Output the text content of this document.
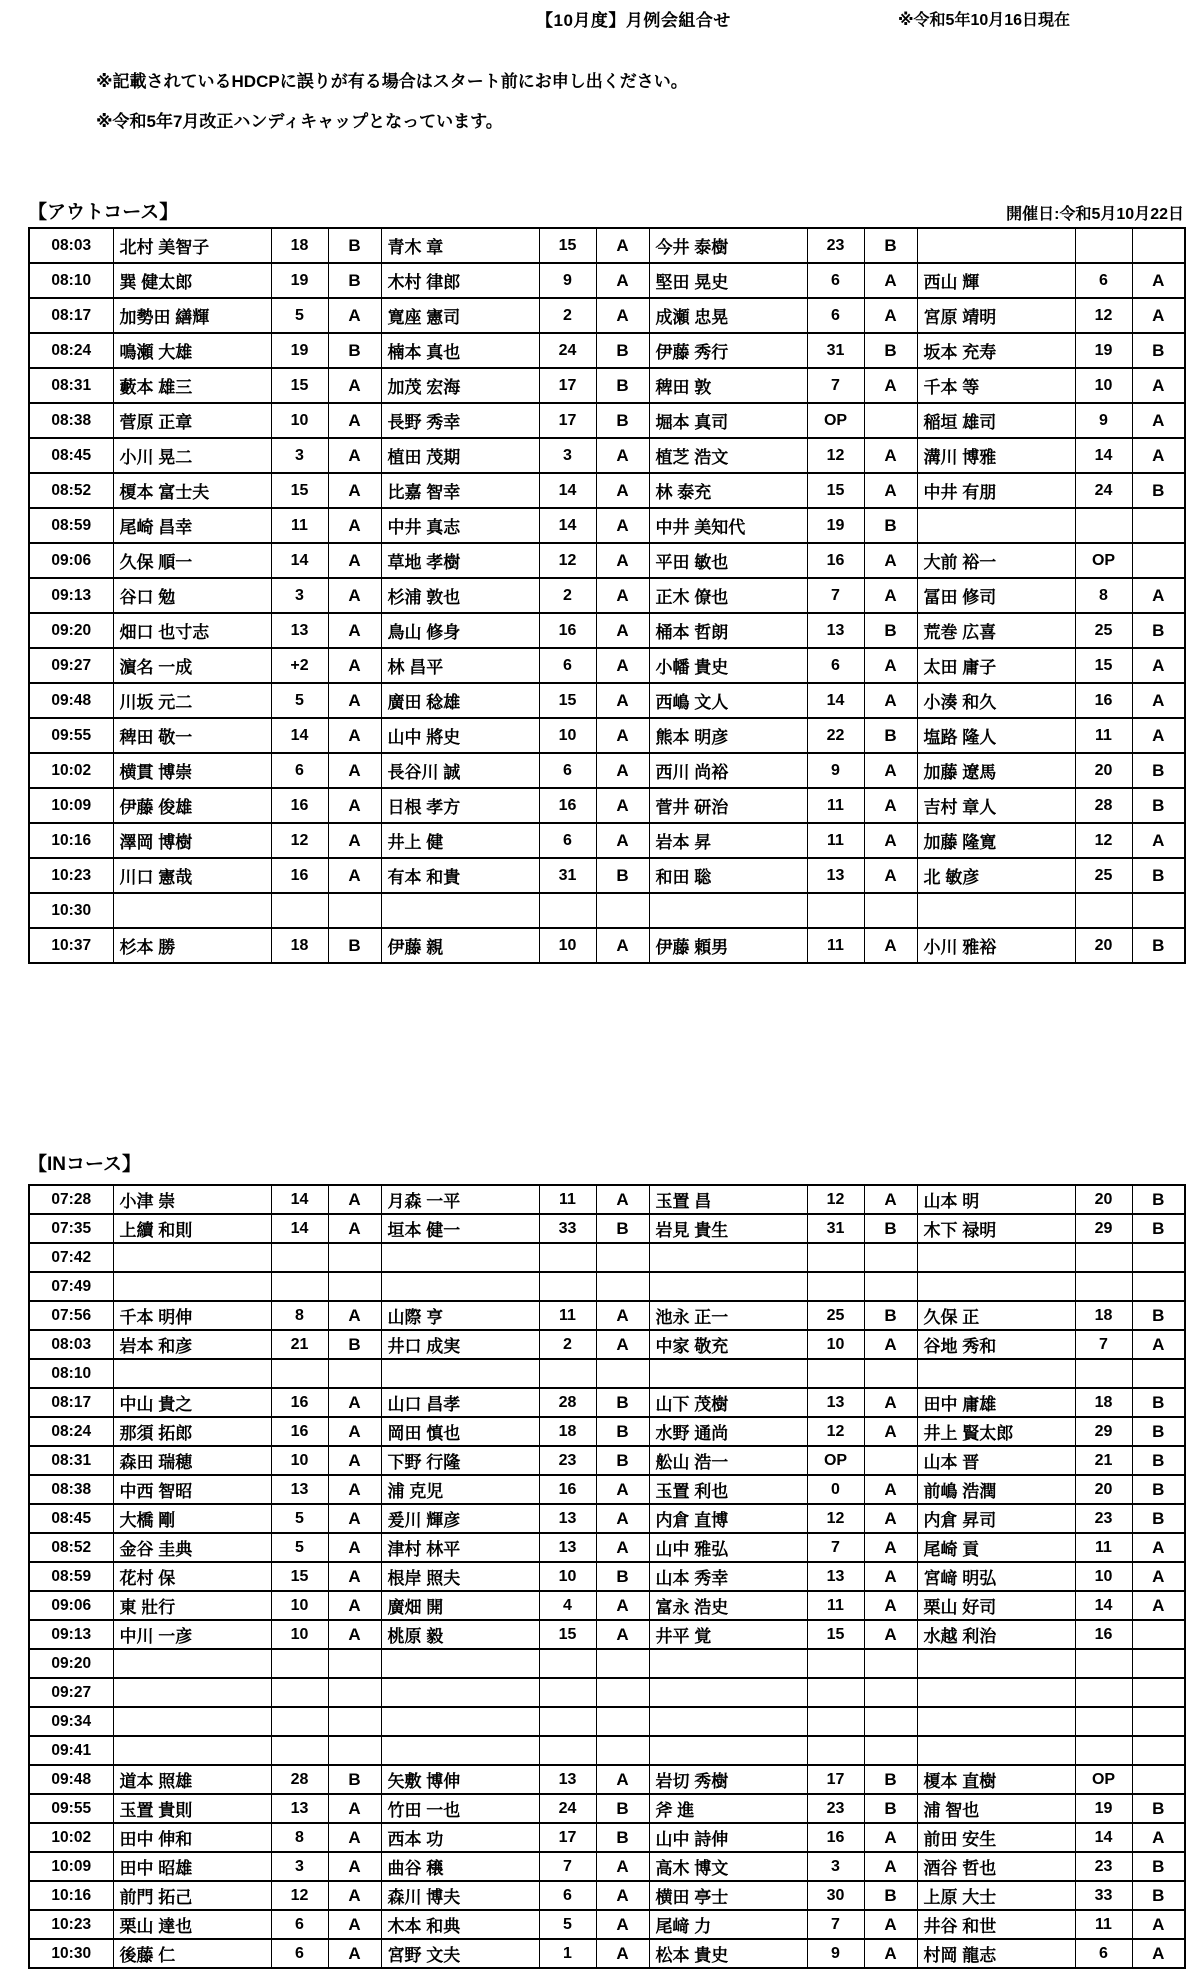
【10月度】月例会組合せ	※令和5年10月16日現在
※記載されているHDCPに誤りが有る場合はスタート前にお申し出ください。
※令和5年7月改正ハンディキャップとなっています。
【アウトコース】	開催日:令和5月10月22日
08:03	北村 美智子	18	B	青木 章	15	A	今井 泰樹	23	B			
08:10	巽 健太郎	19	B	木村 律郎	9	A	堅田 晃史	6	A	西山 輝	6	A
08:17	加勢田 繕輝	5	A	寛座 憲司	2	A	成瀬 忠晃	6	A	宮原 靖明	12	A
08:24	鳴瀬 大雄	19	B	楠本 真也	24	B	伊藤 秀行	31	B	坂本 充寿	19	B
08:31	藪本 雄三	15	A	加茂 宏海	17	B	稗田 敦	7	A	千本 等	10	A
08:38	菅原 正章	10	A	長野 秀幸	17	B	堀本 真司	OP		稲垣 雄司	9	A
08:45	小川 晃二	3	A	植田 茂期	3	A	植芝 浩文	12	A	溝川 博雅	14	A
08:52	榎本 富士夫	15	A	比嘉 智幸	14	A	林 泰充	15	A	中井 有朋	24	B
08:59	尾崎 昌幸	11	A	中井 真志	14	A	中井 美知代	19	B			
09:06	久保 順一	14	A	草地 孝樹	12	A	平田 敏也	16	A	大前 裕一	OP	
09:13	谷口 勉	3	A	杉浦 敦也	2	A	正木 僚也	7	A	冨田 修司	8	A
09:20	畑口 也寸志	13	A	鳥山 修身	16	A	桶本 哲朗	13	B	荒巻 広喜	25	B
09:27	濵名 一成	+2	A	林 昌平	6	A	小幡 貴史	6	A	太田 庸子	15	A
09:48	川坂 元二	5	A	廣田 稔雄	15	A	西嶋 文人	14	A	小湊 和久	16	A
09:55	稗田 敬一	14	A	山中 將史	10	A	熊本 明彦	22	B	塩路 隆人	11	A
10:02	横貫 博崇	6	A	長谷川 誠	6	A	西川 尚裕	9	A	加藤 遼馬	20	B
10:09	伊藤 俊雄	16	A	日根 孝方	16	A	菅井 研治	11	A	吉村 章人	28	B
10:16	澤岡 博樹	12	A	井上 健	6	A	岩本 昇	11	A	加藤 隆寛	12	A
10:23	川口 憲哉	16	A	有本 和貴	31	B	和田 聡	13	A	北 敏彦	25	B
10:30												
10:37	杉本 勝	18	B	伊藤 親	10	A	伊藤 頼男	11	A	小川 雅裕	20	B
【INコース】
07:28	小津 崇	14	A	月森 一平	11	A	玉置 昌	12	A	山本 明	20	B
07:35	上續 和則	14	A	垣本 健一	33	B	岩見 貴生	31	B	木下 禄明	29	B
07:42												
07:49												
07:56	千本 明伸	8	A	山際 亨	11	A	池永 正一	25	B	久保 正	18	B
08:03	岩本 和彦	21	B	井口 成実	2	A	中家 敬充	10	A	谷地 秀和	7	A
08:10												
08:17	中山 貴之	16	A	山口 昌孝	28	B	山下 茂樹	13	A	田中 庸雄	18	B
08:24	那須 拓郎	16	A	岡田 慎也	18	B	水野 通尚	12	A	井上 賢太郎	29	B
08:31	森田 瑞穂	10	A	下野 行隆	23	B	舩山 浩一	OP		山本 晋	21	B
08:38	中西 智昭	13	A	浦 克児	16	A	玉置 利也	0	A	前嶋 浩潤	20	B
08:45	大橋 剛	5	A	爰川 輝彦	13	A	内倉 直博	12	A	内倉 昇司	23	B
08:52	金谷 圭典	5	A	津村 林平	13	A	山中 雅弘	7	A	尾崎 貢	11	A
08:59	花村 保	15	A	根岸 照夫	10	B	山本 秀幸	13	A	宮﨑 明弘	10	A
09:06	東 壯行	10	A	廣畑 開	4	A	富永 浩史	11	A	栗山 好司	14	A
09:13	中川 一彦	10	A	桃原 毅	15	A	井平 覚	15	A	水越 利治	16	
09:20												
09:27												
09:34												
09:41												
09:48	道本 照雄	28	B	矢敷 博伸	13	A	岩切 秀樹	17	B	榎本 直樹	OP	
09:55	玉置 貴則	13	A	竹田 一也	24	B	斧 進	23	B	浦 智也	19	B
10:02	田中 伸和	8	A	西本 功	17	B	山中 詩伸	16	A	前田 安生	14	A
10:09	田中 昭雄	3	A	曲谷 穣	7	A	高木 博文	3	A	酒谷 哲也	23	B
10:16	前門 拓己	12	A	森川 博夫	6	A	横田 亭士	30	B	上原 大士	33	B
10:23	栗山 達也	6	A	木本 和典	5	A	尾﨑 力	7	A	井谷 和世	11	A
10:30	後藤 仁	6	A	宮野 文夫	1	A	松本 貴史	9	A	村岡 龍志	6	A
